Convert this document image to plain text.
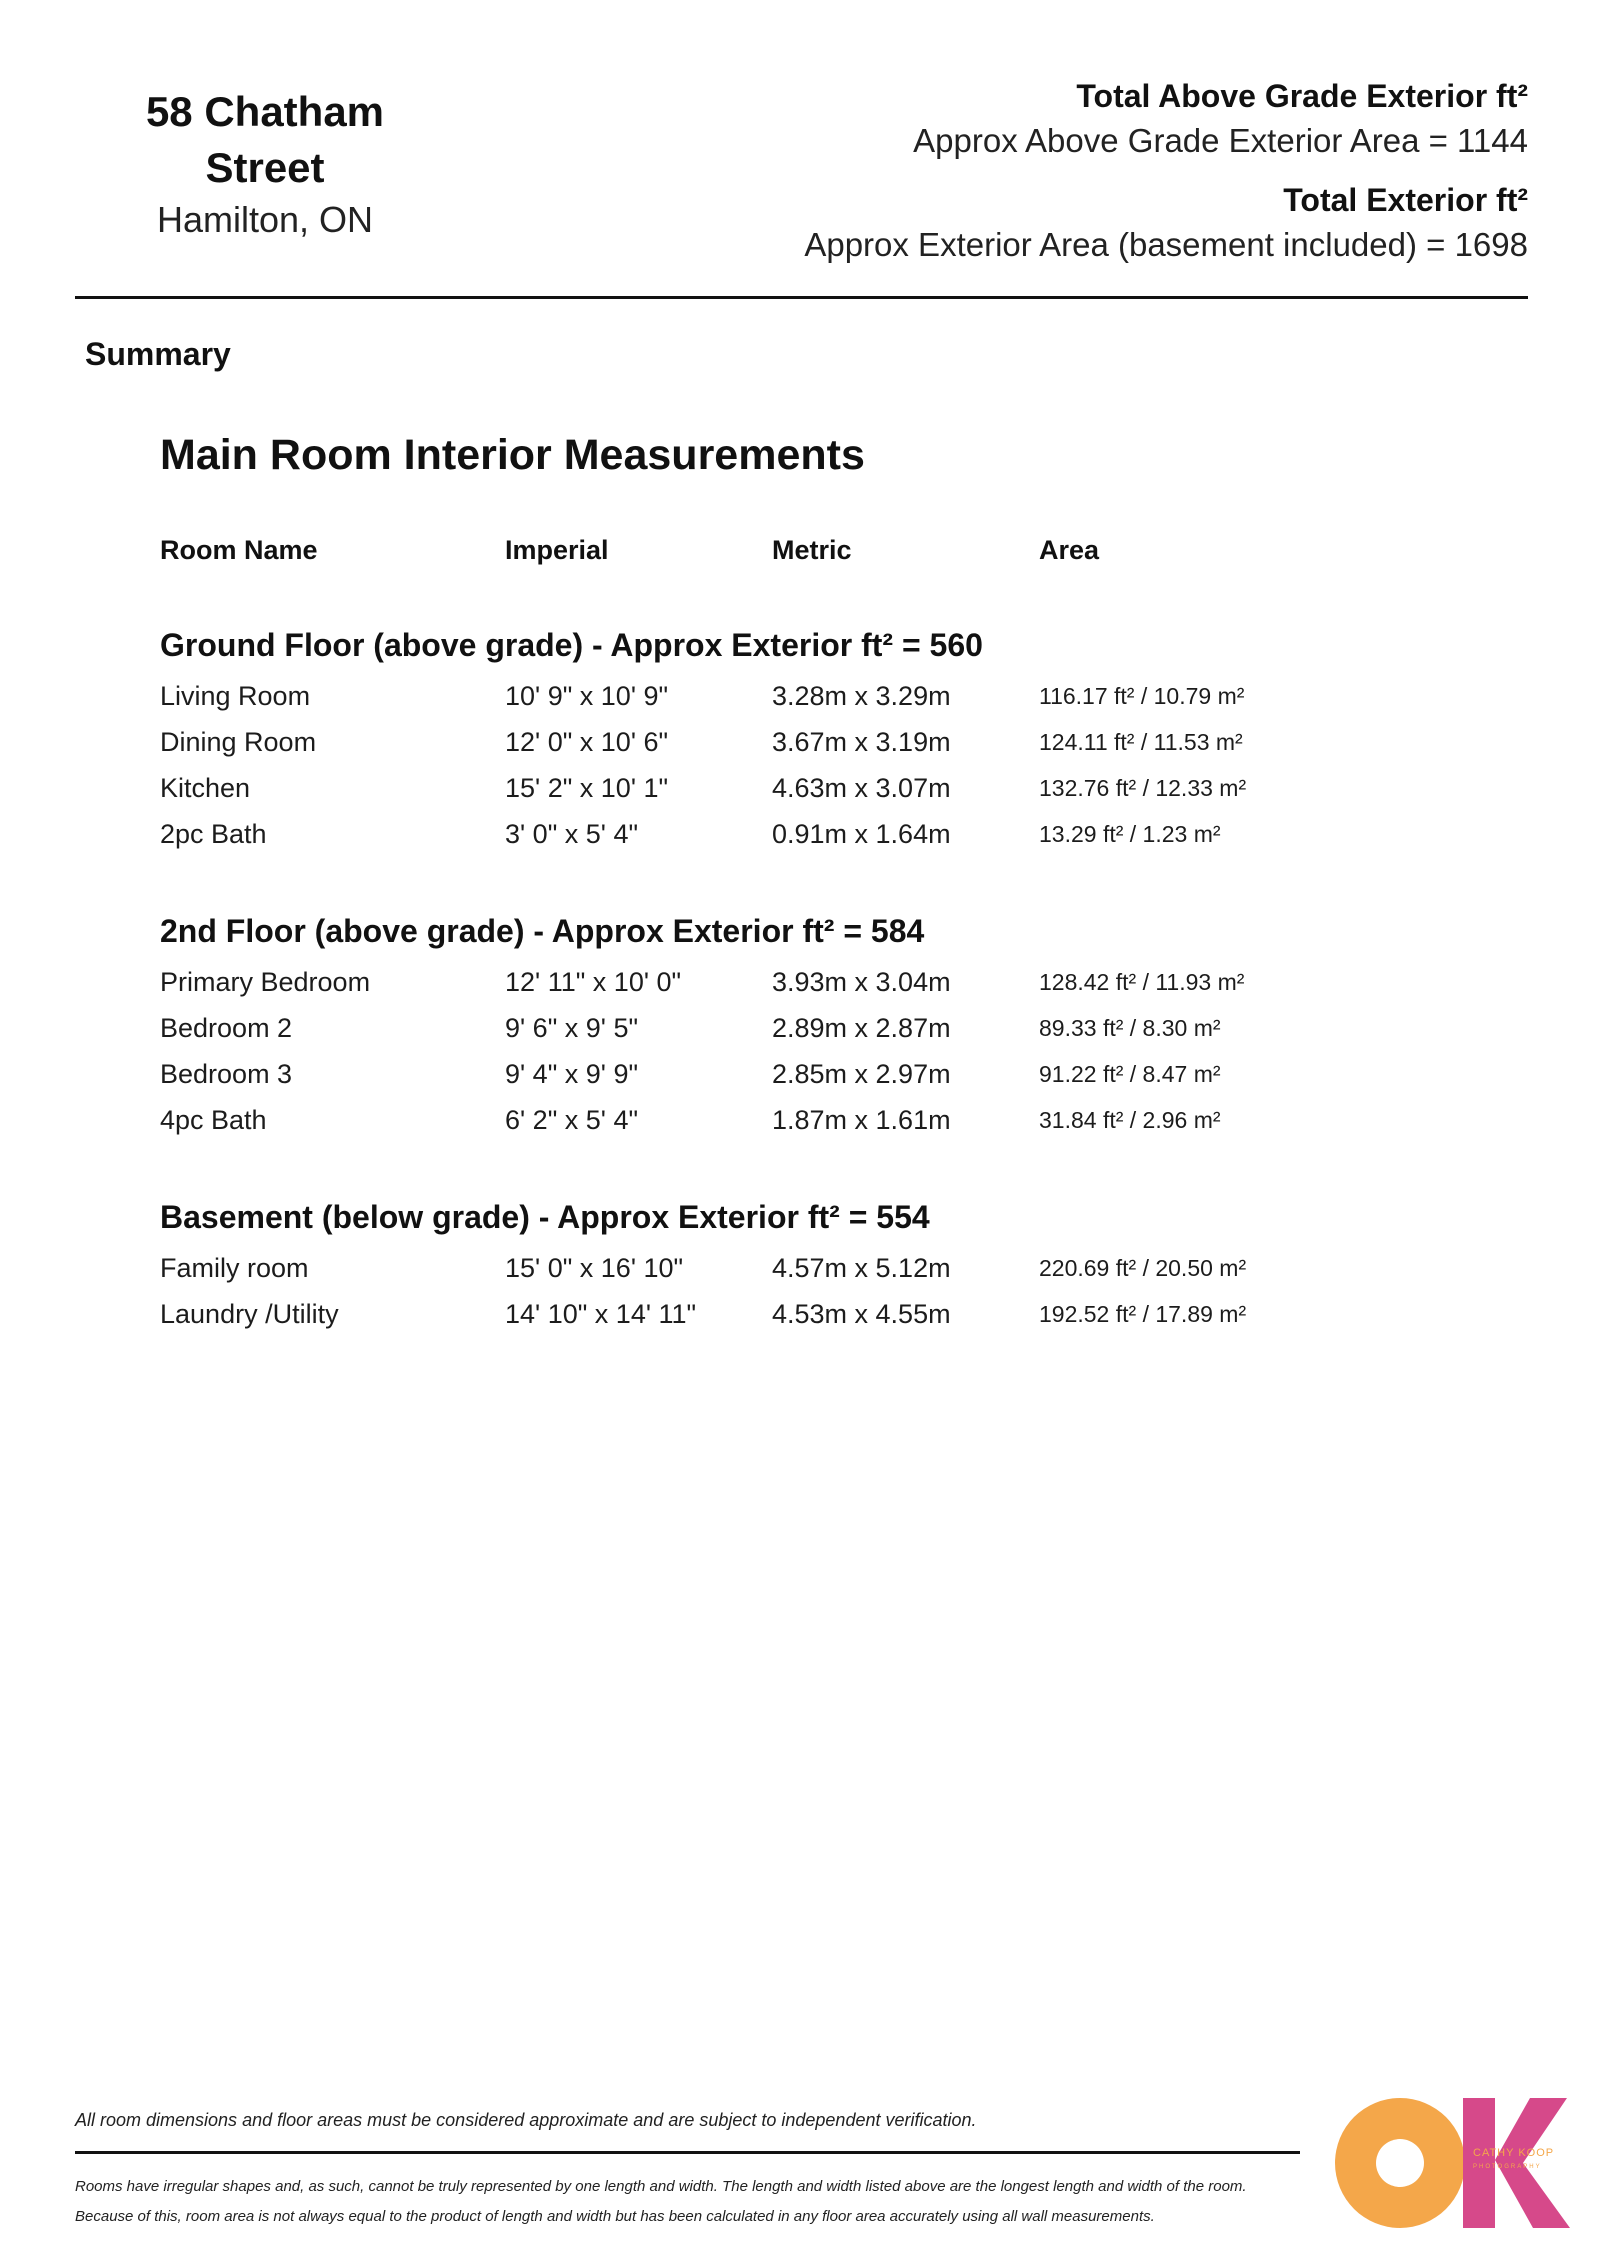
58 Chatham Street
Hamilton, ON
Total Above Grade Exterior ft²
Approx Above Grade Exterior Area = 1144
Total Exterior ft²
Approx Exterior Area (basement included) = 1698
Summary
Main Room Interior Measurements
Room Name	Imperial	Metric	Area
Ground Floor (above grade) - Approx Exterior ft² = 560
Living Room	10' 9" x 10' 9"	3.28m x 3.29m	116.17 ft² / 10.79 m²
Dining Room	12' 0" x 10' 6"	3.67m x 3.19m	124.11 ft² / 11.53 m²
Kitchen	15' 2" x 10' 1"	4.63m x 3.07m	132.76 ft² / 12.33 m²
2pc Bath	3' 0" x 5' 4"	0.91m x 1.64m	13.29 ft² / 1.23 m²
2nd Floor (above grade) - Approx Exterior ft² = 584
Primary Bedroom	12' 11" x 10' 0"	3.93m x 3.04m	128.42 ft² / 11.93 m²
Bedroom 2	9' 6" x 9' 5"	2.89m x 2.87m	89.33 ft² / 8.30 m²
Bedroom 3	9' 4" x 9' 9"	2.85m x 2.97m	91.22 ft² / 8.47 m²
4pc Bath	6' 2" x 5' 4"	1.87m x 1.61m	31.84 ft² / 2.96 m²
Basement (below grade) - Approx Exterior ft² = 554
Family room	15' 0" x 16' 10"	4.57m x 5.12m	220.69 ft² / 20.50 m²
Laundry /Utility	14' 10" x 14' 11"	4.53m x 4.55m	192.52 ft² / 17.89 m²
All room dimensions and floor areas must be considered approximate and are subject to independent verification.
Rooms have irregular shapes and, as such, cannot be truly represented by one length and width. The length and width listed above are the longest length and width of the room.
Because of this, room area is not always equal to the product of length and width but has been calculated in any floor area accurately using all wall measurements.
CATHY KOOP
PHOTOGRAPHY
